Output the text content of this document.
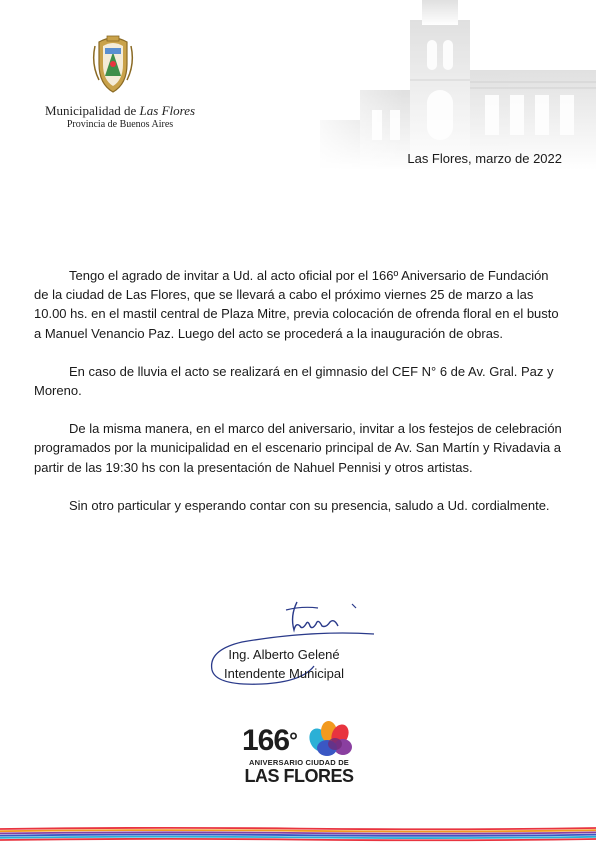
Municipalidad de Las Flores
Provincia de Buenos Aires
Las Flores, marzo de 2022

Tengo el agrado de invitar a Ud. al acto oficial por el 166º Aniversario de Fundación de la ciudad de Las Flores, que se llevará a cabo el próximo viernes 25 de marzo a las 10.00 hs. en el mastil central de Plaza Mitre, previa colocación de ofrenda floral en el busto a Manuel Venancio Paz. Luego del acto se procederá a la inauguración de obras.

En caso de lluvia el acto se realizará en el gimnasio del CEF N° 6 de Av. Gral. Paz y Moreno.

De la misma manera, en el marco del aniversario, invitar a los festejos de celebración programados por la municipalidad en el escenario principal de Av. San Martín y Rivadavia a partir de las 19:30 hs con la presentación de Nahuel Pennisi y otros artistas.

Sin otro particular y esperando contar con su presencia, saludo a Ud. cordialmente.

Ing. Alberto Gelené
Intendente Municipal
166°
ANIVERSARIO CIUDAD DE
LAS FLORES
